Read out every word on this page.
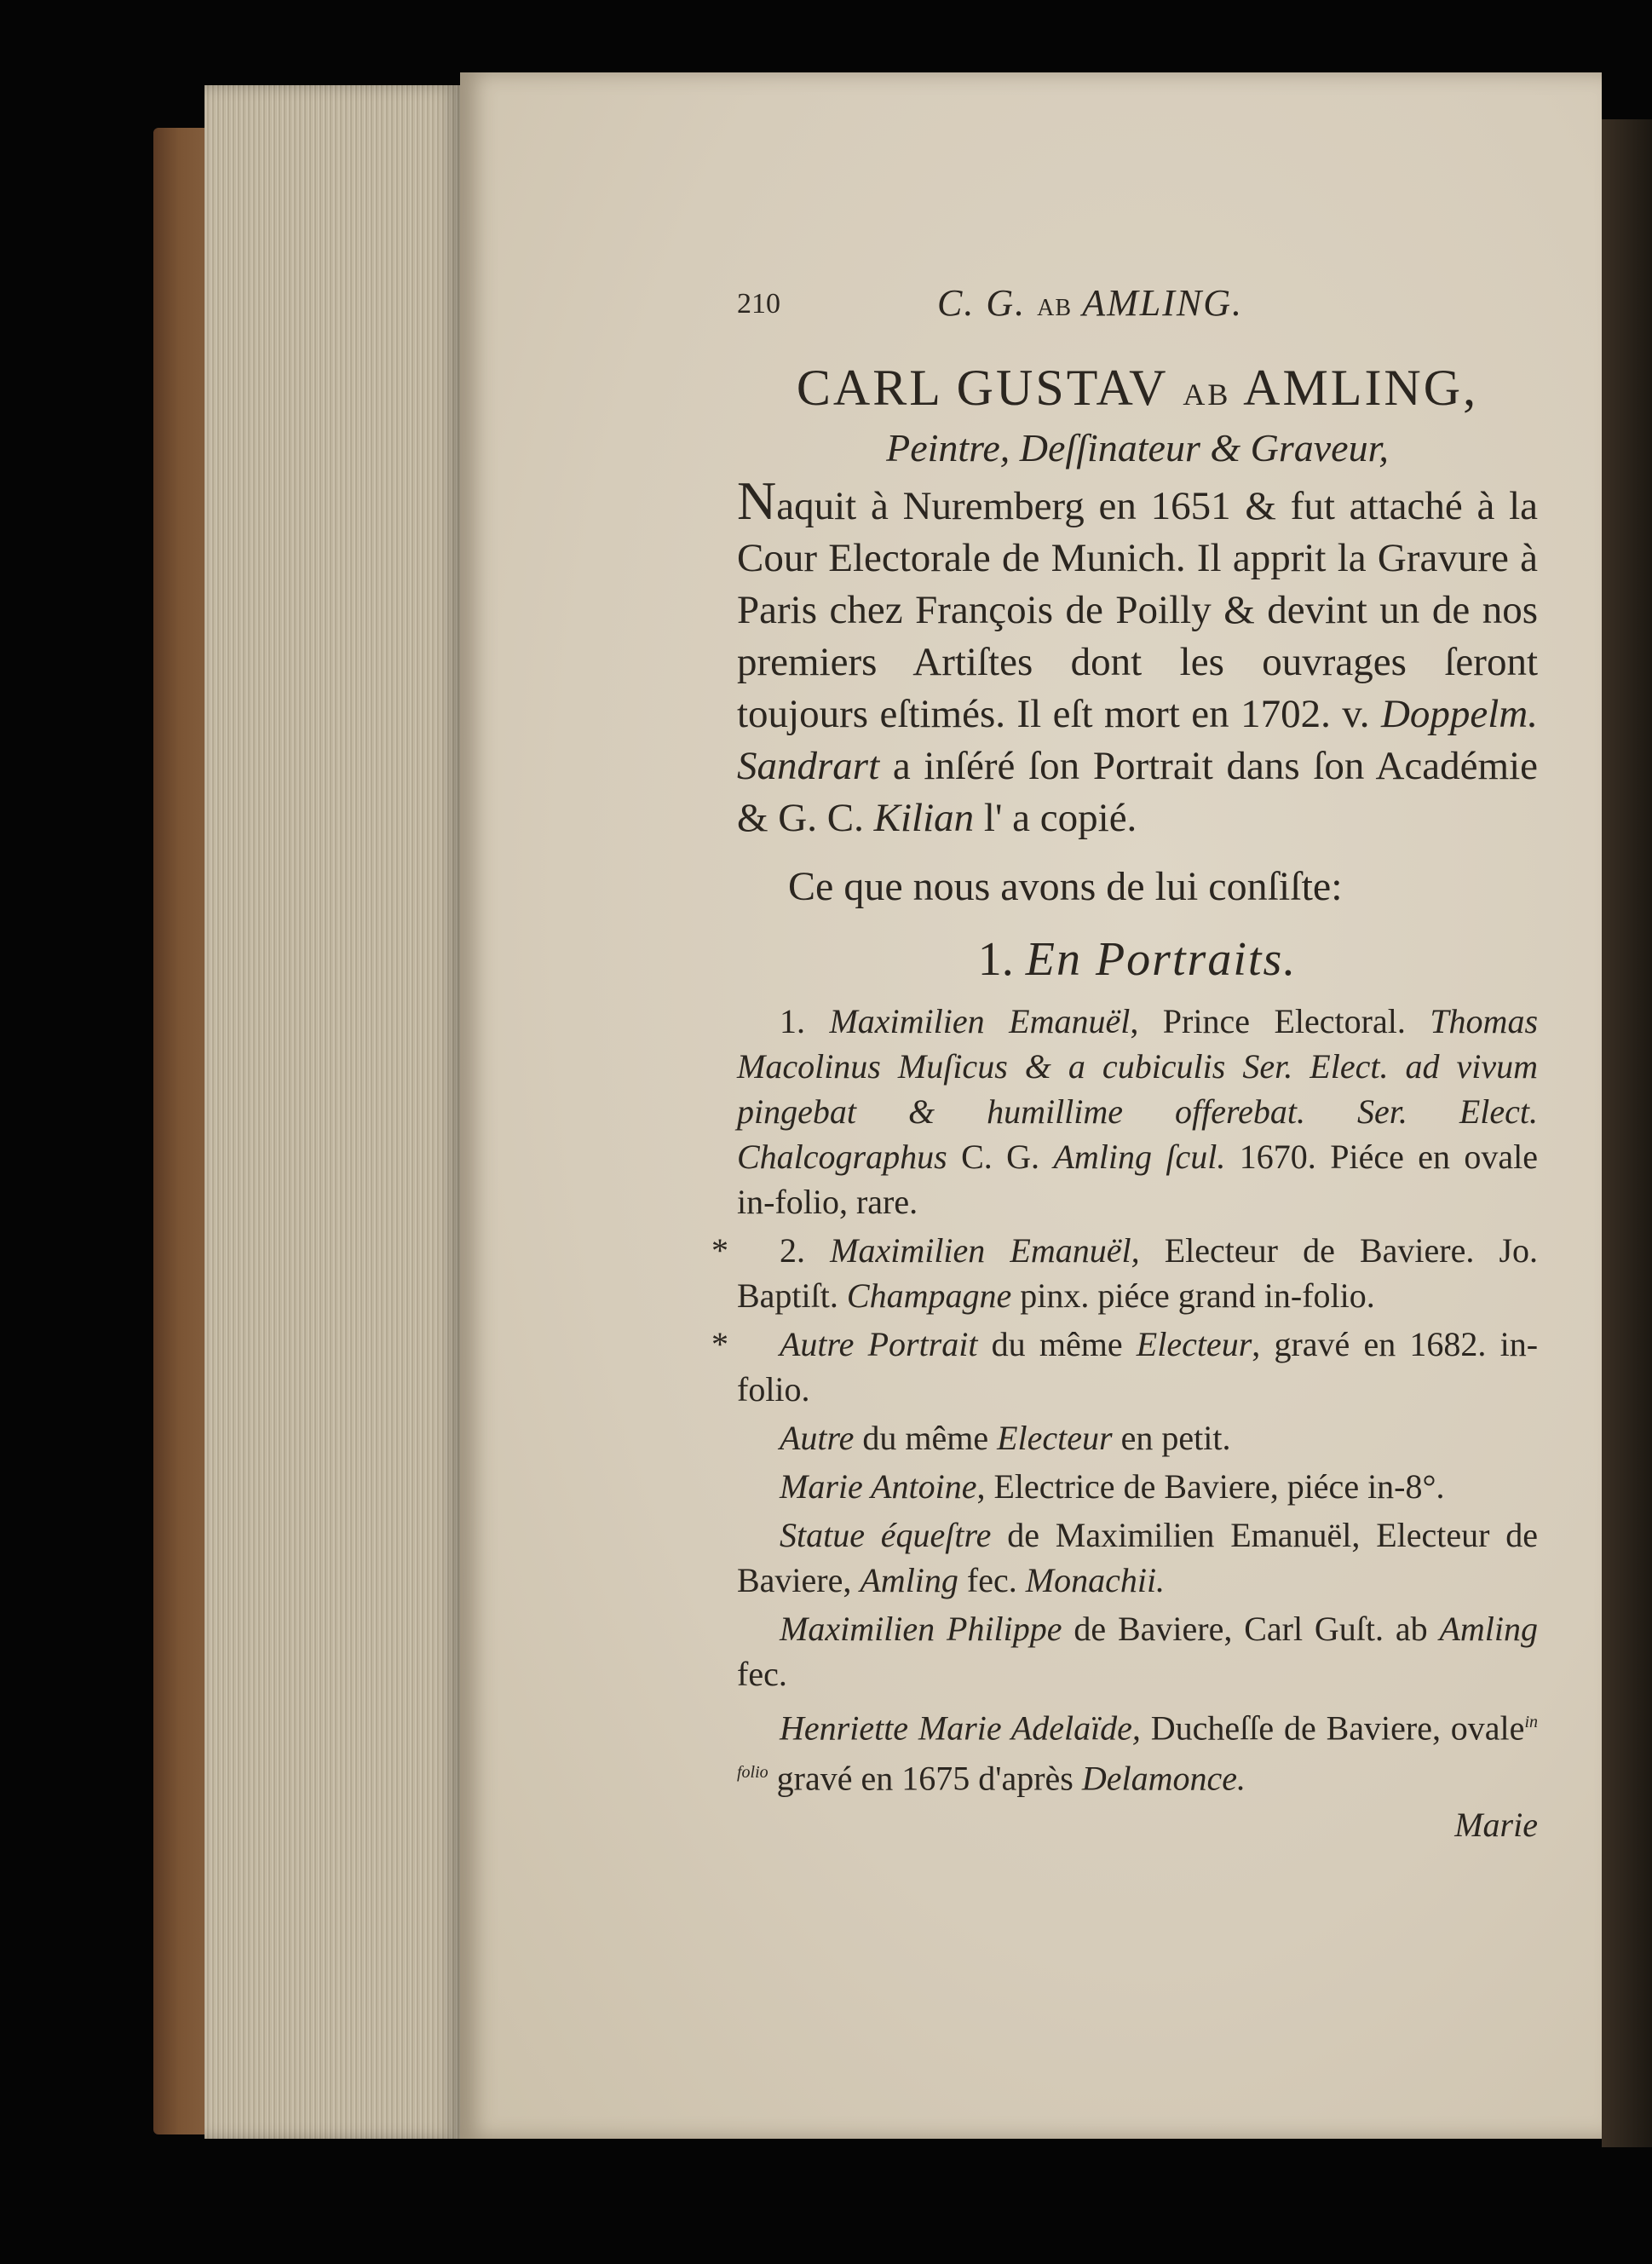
210	C. G. AB AMLING.
CARL GUSTAV AB AMLING,
Peintre, Deſſinateur & Graveur,
Naquit à Nuremberg en 1651 & fut attaché à la Cour Electorale de Munich. Il apprit la Gravure à Paris chez François de Poilly & devint un de nos premiers Artiſtes dont les ouvrages ſeront toujours eſtimés. Il eſt mort en 1702. v. Doppelm. Sandrart a inſéré ſon Portrait dans ſon Académie & G. C. Kilian l' a copié.
Ce que nous avons de lui conſiſte:
1. En Portraits.
1. Maximilien Emanuël, Prince Electoral. Thomas Macolinus Muſicus & a cubiculis Ser. Elect. ad vivum pingebat & humillime offerebat. Ser. Elect. Chalcographus C. G. Amling ſcul. 1670. Piéce en ovale in-folio, rare.
* 2. Maximilien Emanuël, Electeur de Baviere. Jo. Baptiſt. Champagne pinx. piéce grand in-folio.
* Autre Portrait du même Electeur, gravé en 1682. in-folio.
Autre du même Electeur en petit.
Marie Antoine, Electrice de Baviere, piéce in-8°.
Statue équeſtre de Maximilien Emanuël, Electeur de Baviere, Amling fec. Monachii.
Maximilien Philippe de Baviere, Carl Guſt. ab Amling fec.
Henriette Marie Adelaïde, Ducheſſe de Baviere, ovale$^{in folio}$ gravé en 1675 d'après Delamonce.
Marie
